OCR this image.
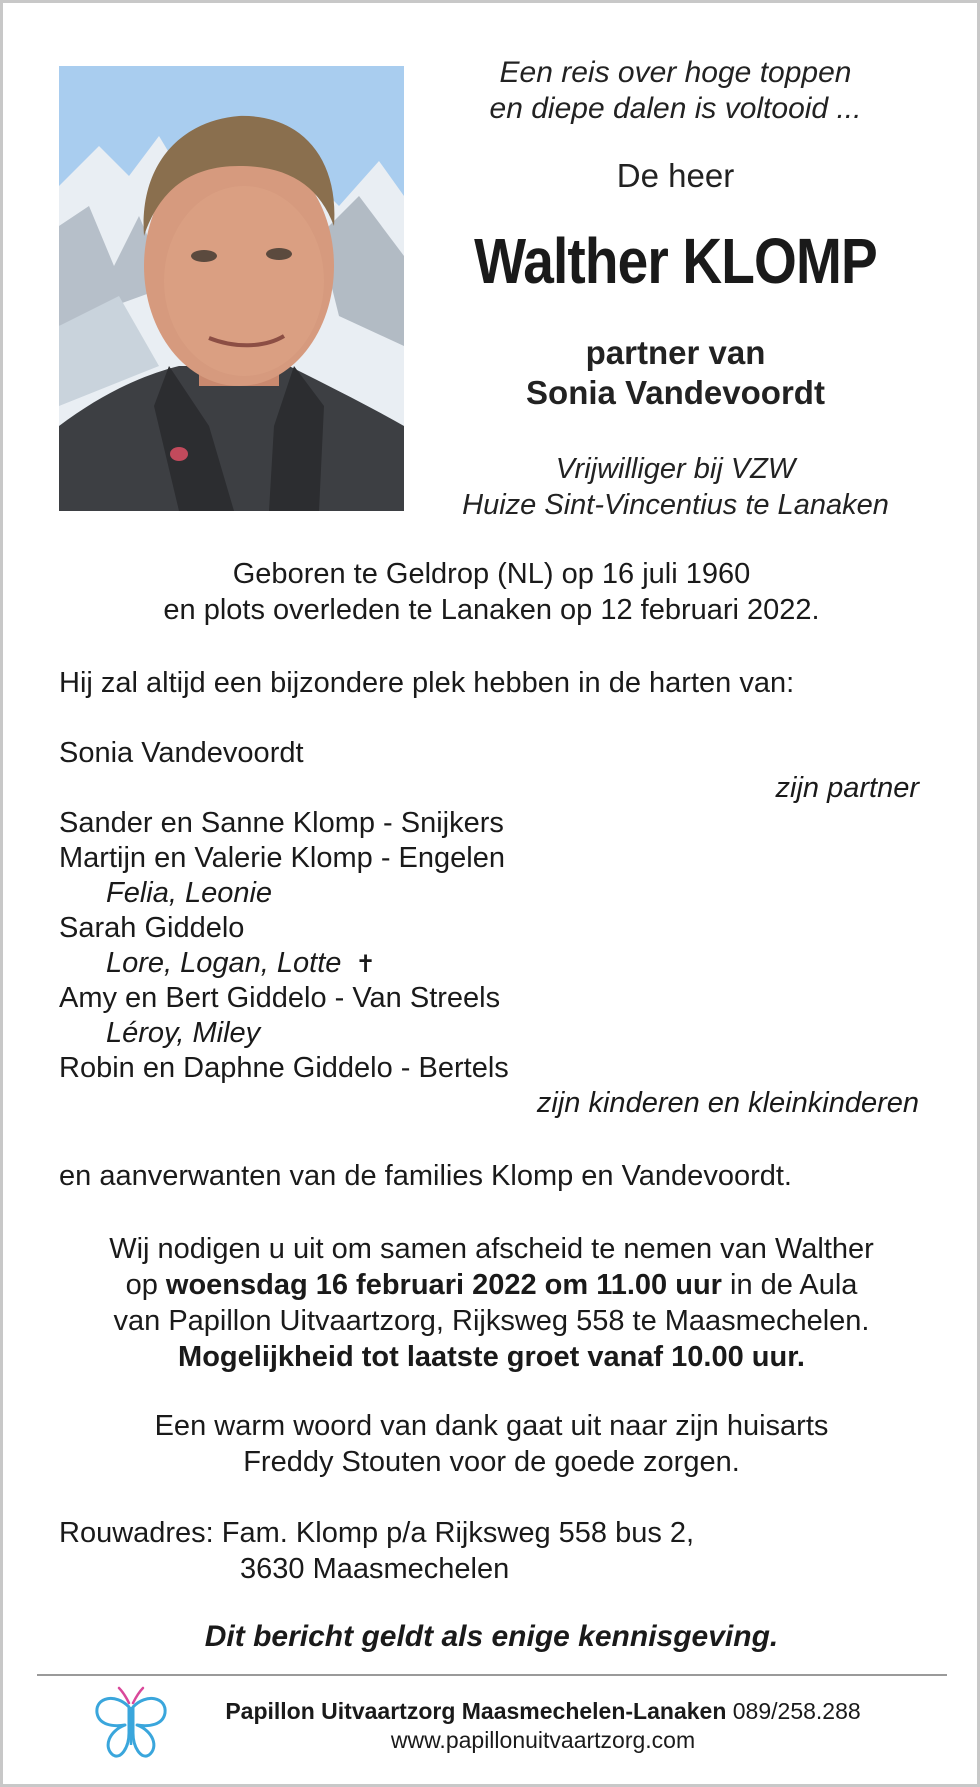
Een reis over hoge toppen
en diepe dalen is voltooid ...
De heer
Walther KLOMP
partner van
Sonia Vandevoordt
Vrijwilliger bij VZW
Huize Sint-Vincentius te Lanaken
Geboren te Geldrop (NL) op 16 juli 1960
en plots overleden te Lanaken op 12 februari 2022.
Hij zal altijd een bijzondere plek hebben in de harten van:
Sonia Vandevoordt
zijn partner
Sander en Sanne Klomp - Snijkers
Martijn en Valerie Klomp - Engelen
Felia, Leonie
Sarah Giddelo
Lore, Logan, Lotte ✝
Amy en Bert Giddelo - Van Streels
Léroy, Miley
Robin en Daphne Giddelo - Bertels
zijn kinderen en kleinkinderen
en aanverwanten van de families Klomp en Vandevoordt.
Wij nodigen u uit om samen afscheid te nemen van Walther
op woensdag 16 februari 2022 om 11.00 uur in de Aula
van Papillon Uitvaartzorg, Rijksweg 558 te Maasmechelen.
Mogelijkheid tot laatste groet vanaf 10.00 uur.
Een warm woord van dank gaat uit naar zijn huisarts
Freddy Stouten voor de goede zorgen.
Rouwadres: Fam. Klomp p/a Rijksweg 558 bus 2,
3630 Maasmechelen
Dit bericht geldt als enige kennisgeving.
Papillon Uitvaartzorg Maasmechelen-Lanaken 089/258.288
www.papillonuitvaartzorg.com
